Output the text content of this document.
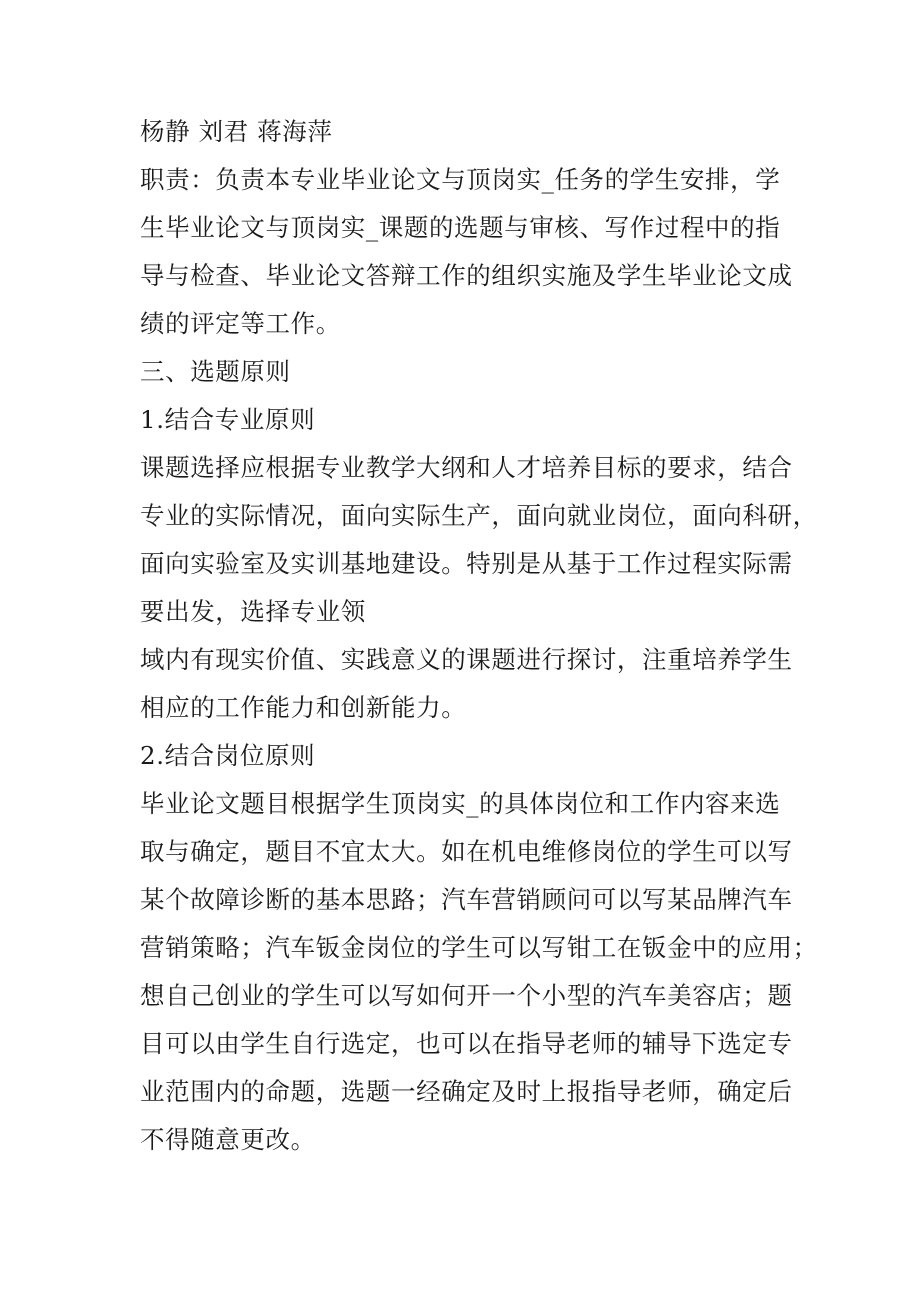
杨静 刘君 蒋海萍
职责：负责本专业毕业论文与顶岗实_任务的学生安排，学
生毕业论文与顶岗实_课题的选题与审核、写作过程中的指
导与检查、毕业论文答辩工作的组织实施及学生毕业论文成
绩的评定等工作。
三、选题原则
1.结合专业原则
课题选择应根据专业教学大纲和人才培养目标的要求，结合
专业的实际情况，面向实际生产，面向就业岗位，面向科研，
面向实验室及实训基地建设。特别是从基于工作过程实际需
要出发，选择专业领
域内有现实价值、实践意义的课题进行探讨，注重培养学生
相应的工作能力和创新能力。
2.结合岗位原则
毕业论文题目根据学生顶岗实_的具体岗位和工作内容来选
取与确定，题目不宜太大。如在机电维修岗位的学生可以写
某个故障诊断的基本思路；汽车营销顾问可以写某品牌汽车
营销策略；汽车钣金岗位的学生可以写钳工在钣金中的应用；
想自己创业的学生可以写如何开一个小型的汽车美容店；题
目可以由学生自行选定，也可以在指导老师的辅导下选定专
业范围内的命题，选题一经确定及时上报指导老师，确定后
不得随意更改。
